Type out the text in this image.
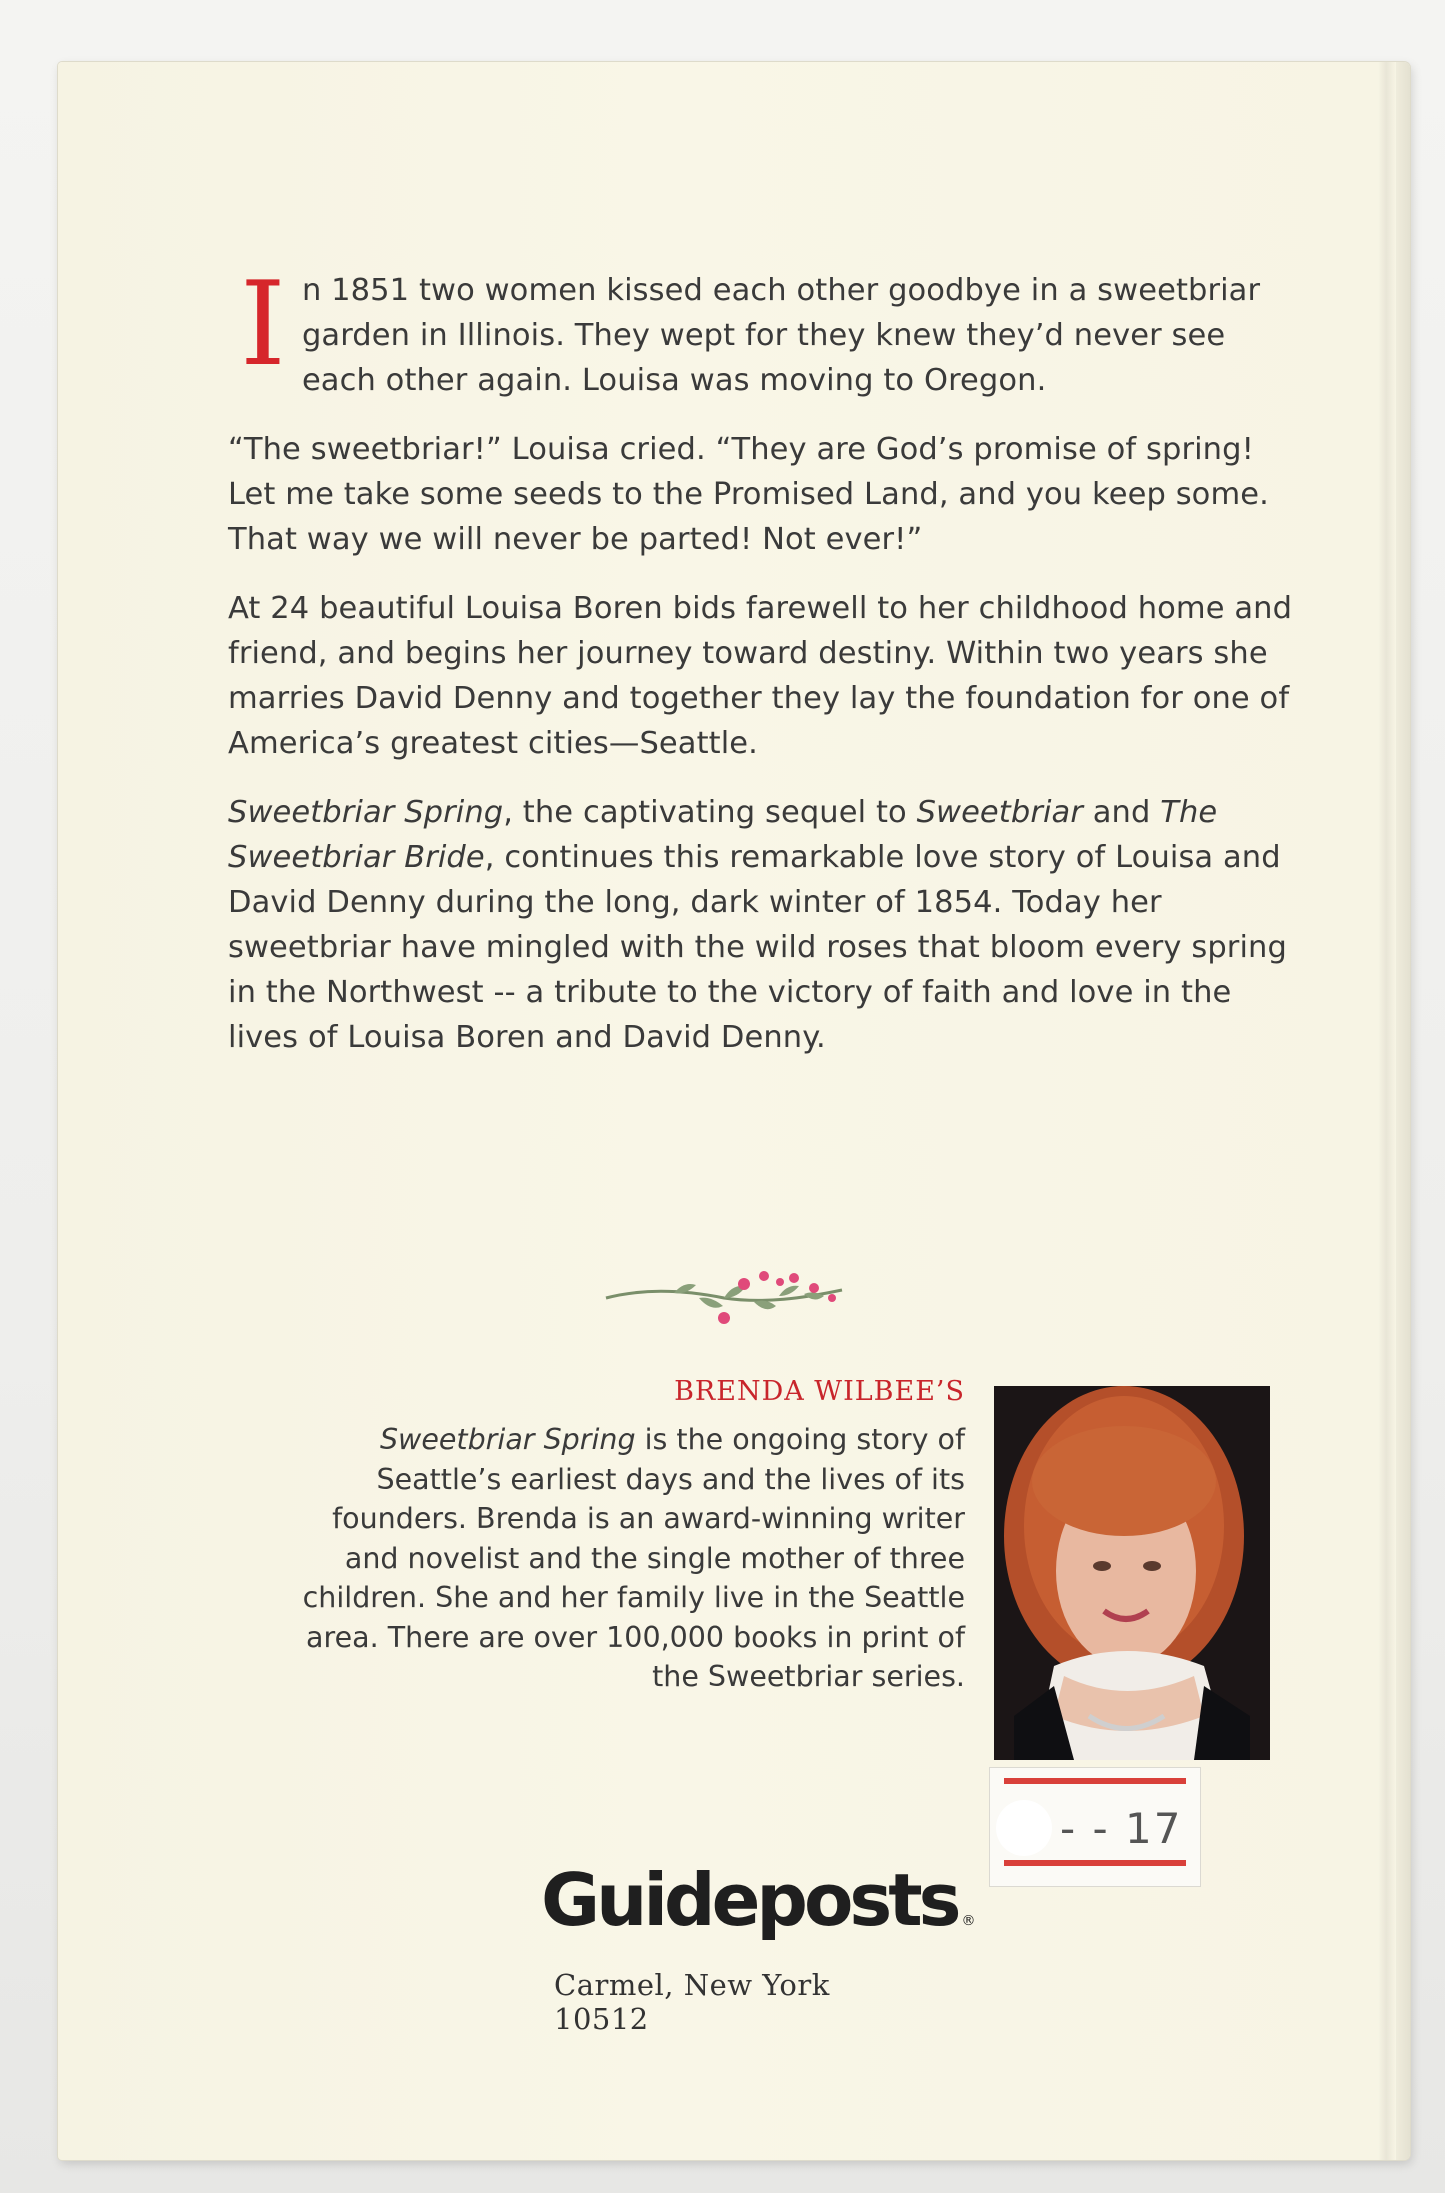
In 1851 two women kissed each other goodbye in a sweetbriar garden in Illinois. They wept for they knew they’d never see each other again. Louisa was moving to Oregon.

“The sweetbriar!” Louisa cried. “They are God’s promise of spring! Let me take some seeds to the Promised Land, and you keep some. That way we will never be parted! Not ever!”

At 24 beautiful Louisa Boren bids farewell to her childhood home and friend, and begins her journey toward destiny. Within two years she marries David Denny and together they lay the foundation for one of America’s greatest cities—Seattle.

Sweetbriar Spring, the captivating sequel to Sweetbriar and The Sweetbriar Bride, continues this remarkable love story of Louisa and David Denny during the long, dark winter of 1854. Today her sweetbriar have mingled with the wild roses that bloom every spring in the Northwest -- a tribute to the victory of faith and love in the lives of Louisa Boren and David Denny.

BRENDA WILBEE’S
Sweetbriar Spring is the ongoing story of Seattle’s earliest days and the lives of its founders. Brenda is an award-winning writer and novelist and the single mother of three children. She and her family live in the Seattle area. There are over 100,000 books in print of the Sweetbriar series.
- - 17
Guideposts ®
Carmel, New York 10512
